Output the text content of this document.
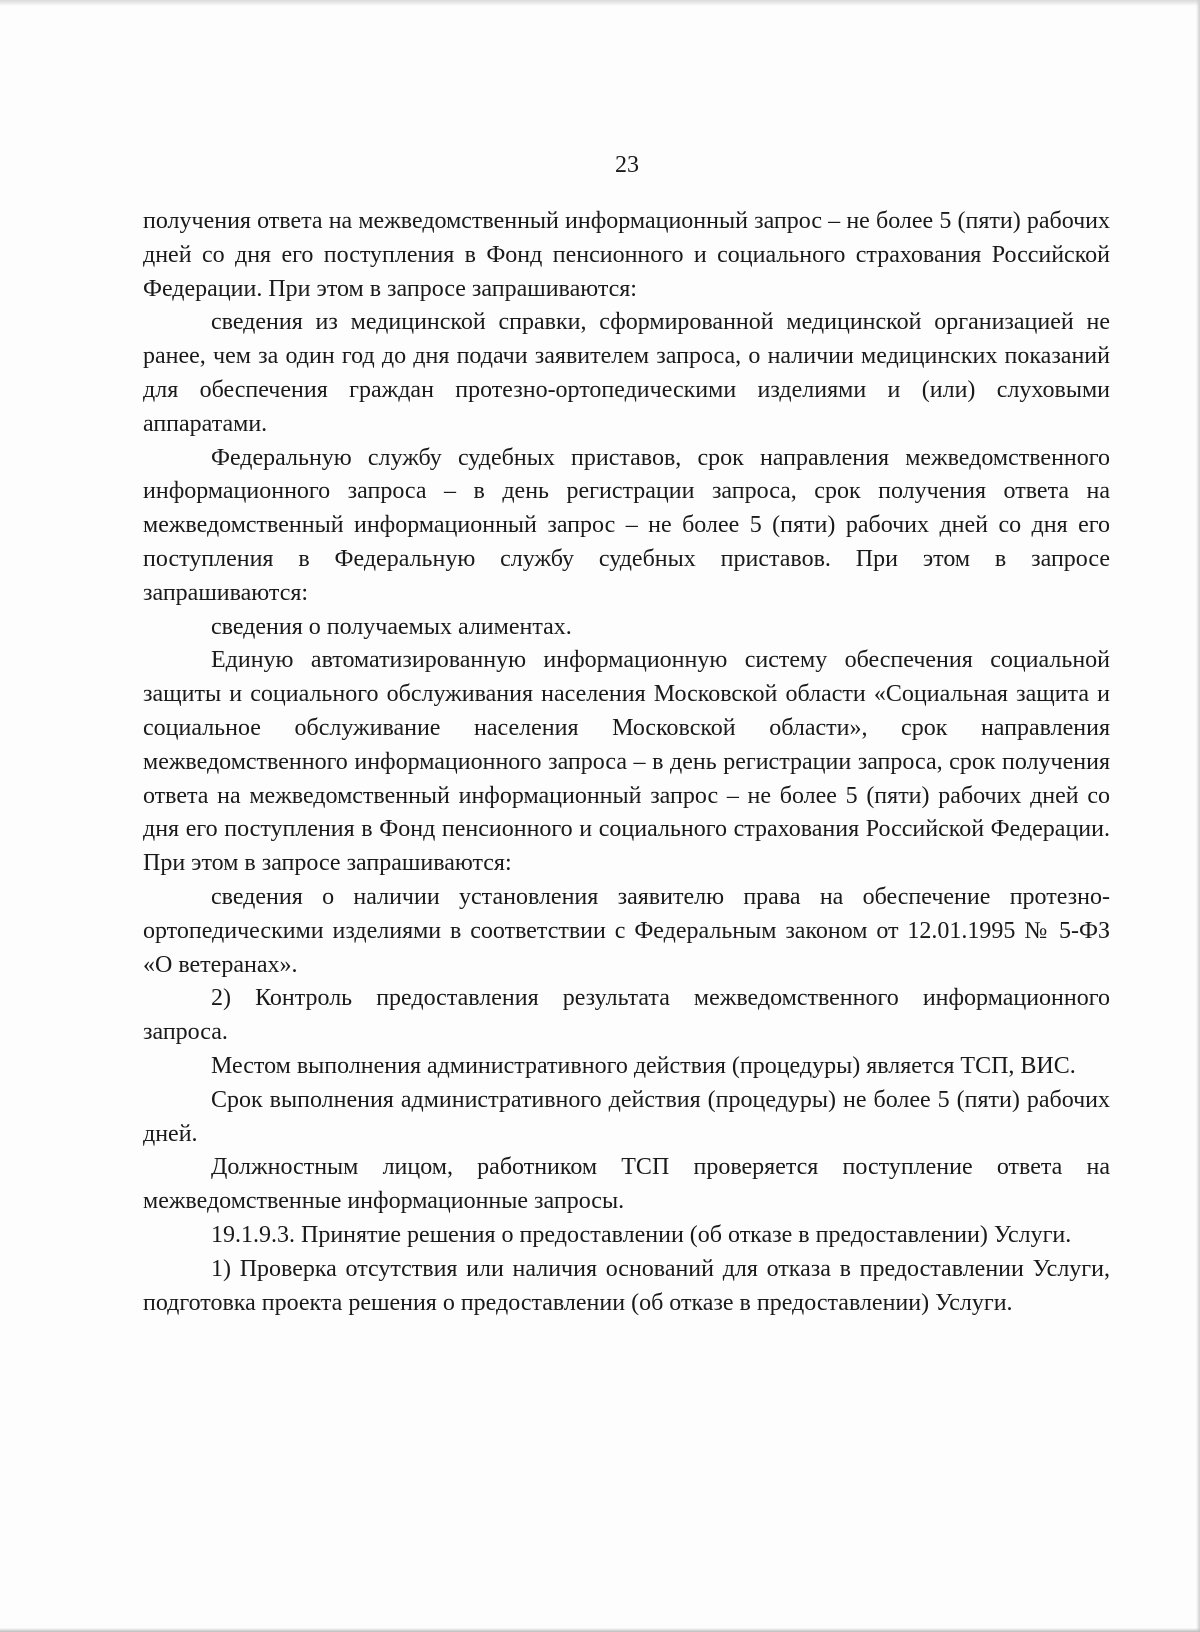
23

получения ответа на межведомственный информационный запрос – не более 5 (пяти) рабочих дней со дня его поступления в Фонд пенсионного и социального страхования Российской Федерации. При этом в запросе запрашиваются:

сведения из медицинской справки, сформированной медицинской организацией не ранее, чем за один год до дня подачи заявителем запроса, о наличии медицинских показаний для обеспечения граждан протезно-ортопедическими изделиями и (или) слуховыми аппаратами.

Федеральную службу судебных приставов, срок направления межведомственного информационного запроса – в день регистрации запроса, срок получения ответа на межведомственный информационный запрос – не более 5 (пяти) рабочих дней со дня его поступления в Федеральную службу судебных приставов. При этом в запросе запрашиваются:

сведения о получаемых алиментах.

Единую автоматизированную информационную систему обеспечения социальной защиты и социального обслуживания населения Московской области «Социальная защита и социальное обслуживание населения Московской области», срок направления межведомственного информационного запроса – в день регистрации запроса, срок получения ответа на межведомственный информационный запрос – не более 5 (пяти) рабочих дней со дня его поступления в Фонд пенсионного и социального страхования Российской Федерации. При этом в запросе запрашиваются:

сведения о наличии установления заявителю права на обеспечение протезно-ортопедическими изделиями в соответствии с Федеральным законом от 12.01.1995 № 5-ФЗ «О ветеранах».

2) Контроль предоставления результата межведомственного информационного запроса.

Местом выполнения административного действия (процедуры) является ТСП, ВИС.

Срок выполнения административного действия (процедуры) не более 5 (пяти) рабочих дней.

Должностным лицом, работником ТСП проверяется поступление ответа на межведомственные информационные запросы.

19.1.9.3. Принятие решения о предоставлении (об отказе в предоставлении) Услуги.

1) Проверка отсутствия или наличия оснований для отказа в предоставлении Услуги, подготовка проекта решения о предоставлении (об отказе в предоставлении) Услуги.
